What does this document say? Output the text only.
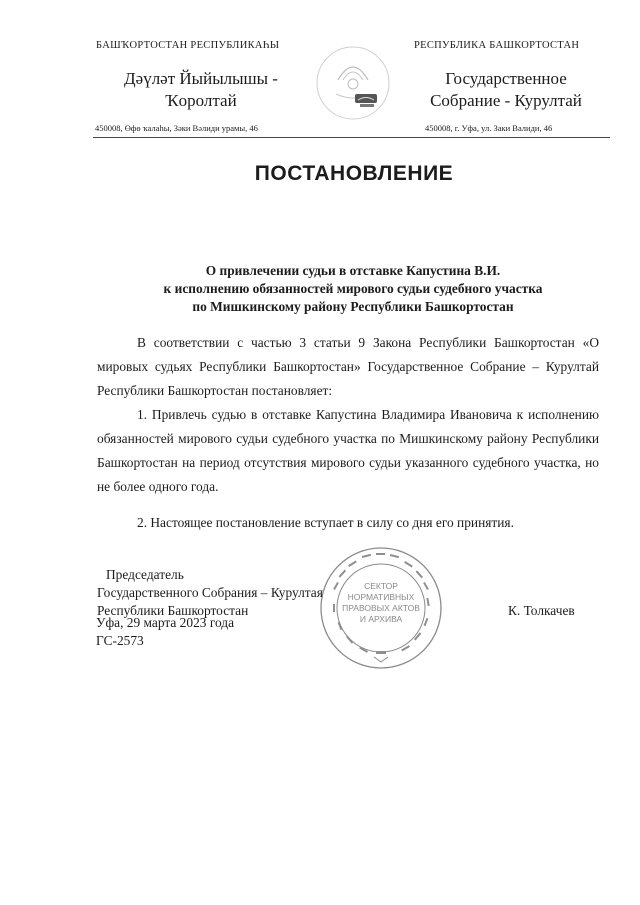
БАШҠОРТОСТАН РЕСПУБЛИКАҺЫ	РЕСПУБЛИКА БАШКОРТОСТАН
Дәүләт Йыйылышы -
Ҡоролтай
Государственное
Собрание - Курултай
450008, Өфө ҡалаһы, Зәки Вәлиди урамы, 46	450008, г. Уфа, ул. Заки Валиди, 46
ПОСТАНОВЛЕНИЕ
О привлечении судьи в отставке Капустина В.И.
к исполнению обязанностей мирового судьи судебного участка
по Мишкинскому району Республики Башкортостан
В соответствии с частью 3 статьи 9 Закона Республики Башкортостан «О мировых судьях Республики Башкортостан» Государственное Собрание – Курултай Республики Башкортостан постановляет:
1. Привлечь судью в отставке Капустина Владимира Ивановича к исполнению обязанностей мирового судьи судебного участка по Мишкинскому району Республики Башкортостан на период отсутствия мирового судьи указанного судебного участка, но не более одного года.
2. Настоящее постановление вступает в силу со дня его принятия.
СЕКТОР
НОРМАТИВНЫХ
ПРАВОВЫХ АКТОВ
И АРХИВА
Председатель
Государственного Собрания – Курултая
Республики Башкортостан	К. Толкачев
Уфа, 29 марта 2023 года
ГС-2573
